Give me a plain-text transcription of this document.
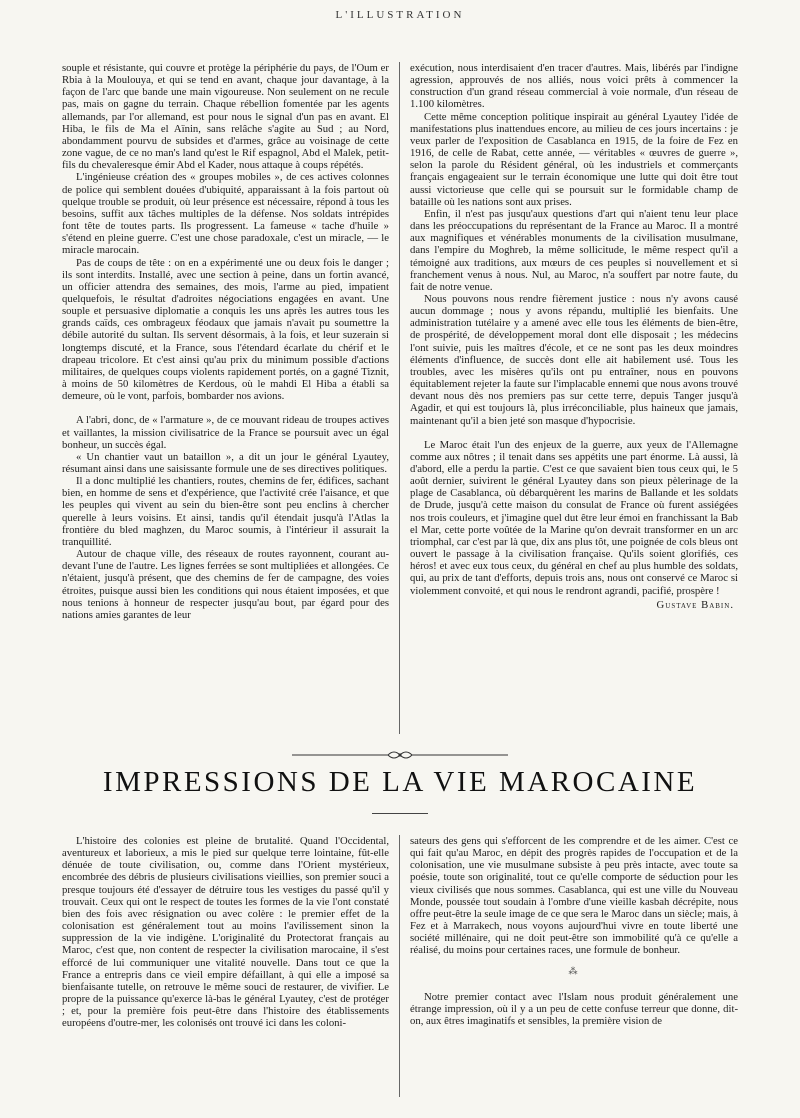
L'ILLUSTRATION

souple et résistante, qui couvre et protège la périphérie du pays, de l'Oum er Rbia à la Moulouya, et qui se tend en avant, chaque jour davantage, à la façon de l'arc que bande une main vigoureuse. Non seulement on ne recule pas, mais on gagne du terrain. Chaque rébellion fomentée par les agents allemands, par l'or allemand, est pour nous le signal d'un pas en avant. El Hiba, le fils de Ma el Aïnin, sans relâche s'agite au Sud ; au Nord, abondamment pourvu de subsides et d'armes, grâce au voisinage de cette zone vague, de ce no man's land qu'est le Rif espagnol, Abd el Malek, petit-fils du chevaleresque émir Abd el Kader, nous attaque à coups répétés.

L'ingénieuse création des « groupes mobiles », de ces actives colonnes de police qui semblent douées d'ubiquité, apparaissant à la fois partout où quelque trouble se produit, où leur présence est nécessaire, répond à tous les besoins, suffit aux tâches multiples de la défense. Nos soldats intrépides font tête de toutes parts. Ils progressent. La fameuse « tache d'huile » s'étend en pleine guerre. C'est une chose paradoxale, c'est un miracle, — le miracle marocain.

Pas de coups de tête : on en a expérimenté une ou deux fois le danger ; ils sont interdits. Installé, avec une section à peine, dans un fortin avancé, un officier attendra des semaines, des mois, l'arme au pied, impatient quelquefois, le résultat d'adroites négociations engagées en avant. Une souple et persuasive diplomatie a conquis les uns après les autres tous les grands caïds, ces ombrageux féodaux que jamais n'avait pu soumettre la débile autorité du sultan. Ils servent désormais, à la fois, et leur suzerain si longtemps discuté, et la France, sous l'étendard écarlate du chérif et le drapeau tricolore. Et c'est ainsi qu'au prix du minimum possible d'actions militaires, de quelques coups violents rapidement portés, on a gagné Tiznit, à moins de 50 kilomètres de Kerdous, où le mahdi El Hiba a établi sa demeure, où le vont, parfois, bombarder nos avions.

A l'abri, donc, de « l'armature », de ce mouvant rideau de troupes actives et vaillantes, la mission civilisatrice de la France se poursuit avec un égal bonheur, un succès égal.

« Un chantier vaut un bataillon », a dit un jour le général Lyautey, résumant ainsi dans une saisissante formule une de ses directives politiques.

Il a donc multiplié les chantiers, routes, chemins de fer, édifices, sachant bien, en homme de sens et d'expérience, que l'activité crée l'aisance, et que les peuples qui vivent au sein du bien-être sont peu enclins à chercher querelle à leurs voisins. Et ainsi, tandis qu'il étendait jusqu'à l'Atlas la frontière du bled maghzen, du Maroc soumis, à l'intérieur il assurait la tranquillité.

Autour de chaque ville, des réseaux de routes rayonnent, courant au-devant l'une de l'autre. Les lignes ferrées se sont multipliées et allongées. Ce n'étaient, jusqu'à présent, que des chemins de fer de campagne, des voies étroites, puisque aussi bien les conditions qui nous étaient imposées, et que nous tenions à honneur de respecter jusqu'au bout, par égard pour des nations amies garantes de leur

exécution, nous interdisaient d'en tracer d'autres. Mais, libérés par l'indigne agression, approuvés de nos alliés, nous voici prêts à commencer la construction d'un grand réseau commercial à voie normale, d'un réseau de 1.100 kilomètres.

Cette même conception politique inspirait au général Lyautey l'idée de manifestations plus inattendues encore, au milieu de ces jours incertains : je veux parler de l'exposition de Casablanca en 1915, de la foire de Fez en 1916, de celle de Rabat, cette année, — véritables « œuvres de guerre », selon la parole du Résident général, où les industriels et commerçants français engageaient sur le terrain économique une lutte qui doit être tout aussi victorieuse que celle qui se poursuit sur le formidable champ de bataille où les nations sont aux prises.

Enfin, il n'est pas jusqu'aux questions d'art qui n'aient tenu leur place dans les préoccupations du représentant de la France au Maroc. Il a montré aux magnifiques et vénérables monuments de la civilisation musulmane, dans l'empire du Moghreb, la même sollicitude, le même respect qu'il a témoigné aux traditions, aux mœurs de ces peuples si nouvellement et si franchement venus à nous. Nul, au Maroc, n'a souffert par notre faute, du fait de notre venue.

Nous pouvons nous rendre fièrement justice : nous n'y avons causé aucun dommage ; nous y avons répandu, multiplié les bienfaits. Une administration tutélaire y a amené avec elle tous les éléments de bien-être, de prospérité, de développement moral dont elle disposait ; les médecins l'ont suivie, puis les maîtres d'école, et ce ne sont pas les deux moindres éléments d'influence, de succès dont elle ait habilement usé. Tous les troubles, avec les misères qu'ils ont pu entraîner, nous en pouvons équitablement rejeter la faute sur l'implacable ennemi que nous avons trouvé devant nous dès nos premiers pas sur cette terre, depuis Tanger jusqu'à Agadir, et qui est toujours là, plus irréconciliable, plus haineux que jamais, maintenant qu'il a bien jeté son masque d'hypocrisie.

Le Maroc était l'un des enjeux de la guerre, aux yeux de l'Allemagne comme aux nôtres ; il tenait dans ses appétits une part énorme. Là aussi, là d'abord, elle a perdu la partie. C'est ce que savaient bien tous ceux qui, le 5 août dernier, suivirent le général Lyautey dans son pieux pèlerinage de la plage de Casablanca, où débarquèrent les marins de Ballande et les soldats de Drude, jusqu'à cette maison du consulat de France où furent assiégées nos trois couleurs, et j'imagine quel dut être leur émoi en franchissant la Bab el Mar, cette porte voûtée de la Marine qu'on devrait transformer en un arc triomphal, car c'est par là que, dix ans plus tôt, une poignée de cols bleus ont ouvert le passage à la civilisation française. Qu'ils soient glorifiés, ces héros! et avec eux tous ceux, du général en chef au plus humble des soldats, qui, au prix de tant d'efforts, depuis trois ans, nous ont conservé ce Maroc si violemment convoité, et qui nous le rendront agrandi, pacifié, prospère !

Gustave Babin.
IMPRESSIONS DE LA VIE MAROCAINE

L'histoire des colonies est pleine de brutalité. Quand l'Occidental, aventureux et laborieux, a mis le pied sur quelque terre lointaine, fût-elle dénuée de toute civilisation, ou, comme dans l'Orient mystérieux, encombrée des débris de plusieurs civilisations vieillies, son premier souci a presque toujours été d'essayer de détruire tous les vestiges du passé qu'il y trouvait. Ceux qui ont le respect de toutes les formes de la vie l'ont constaté bien des fois avec résignation ou avec colère : le premier effet de la colonisation est généralement tout au moins l'avilissement sinon la suppression de la vie indigène. L'originalité du Protectorat français au Maroc, c'est que, non content de respecter la civilisation marocaine, il s'est efforcé de lui communiquer une vitalité nouvelle. Dans tout ce que la France a entrepris dans ce vieil empire défaillant, à qui elle a imposé sa bienfaisante tutelle, on retrouve le même souci de restaurer, de vivifier. Le propre de la puissance qu'exerce là-bas le général Lyautey, c'est de protéger ; et, pour la première fois peut-être dans l'histoire des établissements européens d'outre-mer, les colonisés ont trouvé ici dans les coloni-

sateurs des gens qui s'efforcent de les comprendre et de les aimer. C'est ce qui fait qu'au Maroc, en dépit des progrès rapides de l'occupation et de la colonisation, une vie musulmane subsiste à peu près intacte, avec toute sa poésie, toute son originalité, tout ce qu'elle comporte de séduction pour les vieux civilisés que nous sommes. Casablanca, qui est une ville du Nouveau Monde, poussée tout soudain à l'ombre d'une vieille kasbah décrépite, nous offre peut-être la seule image de ce que sera le Maroc dans un siècle; mais, à Fez et à Marrakech, nous voyons aujourd'hui vivre en toute liberté une société millénaire, qui ne doit peut-être son immobilité qu'à ce qu'elle a réalisé, du moins pour certaines races, une formule de bonheur.

⁂

Notre premier contact avec l'Islam nous produit généralement une étrange impression, où il y a un peu de cette confuse terreur que donne, dit-on, aux êtres imaginatifs et sensibles, la première vision de
